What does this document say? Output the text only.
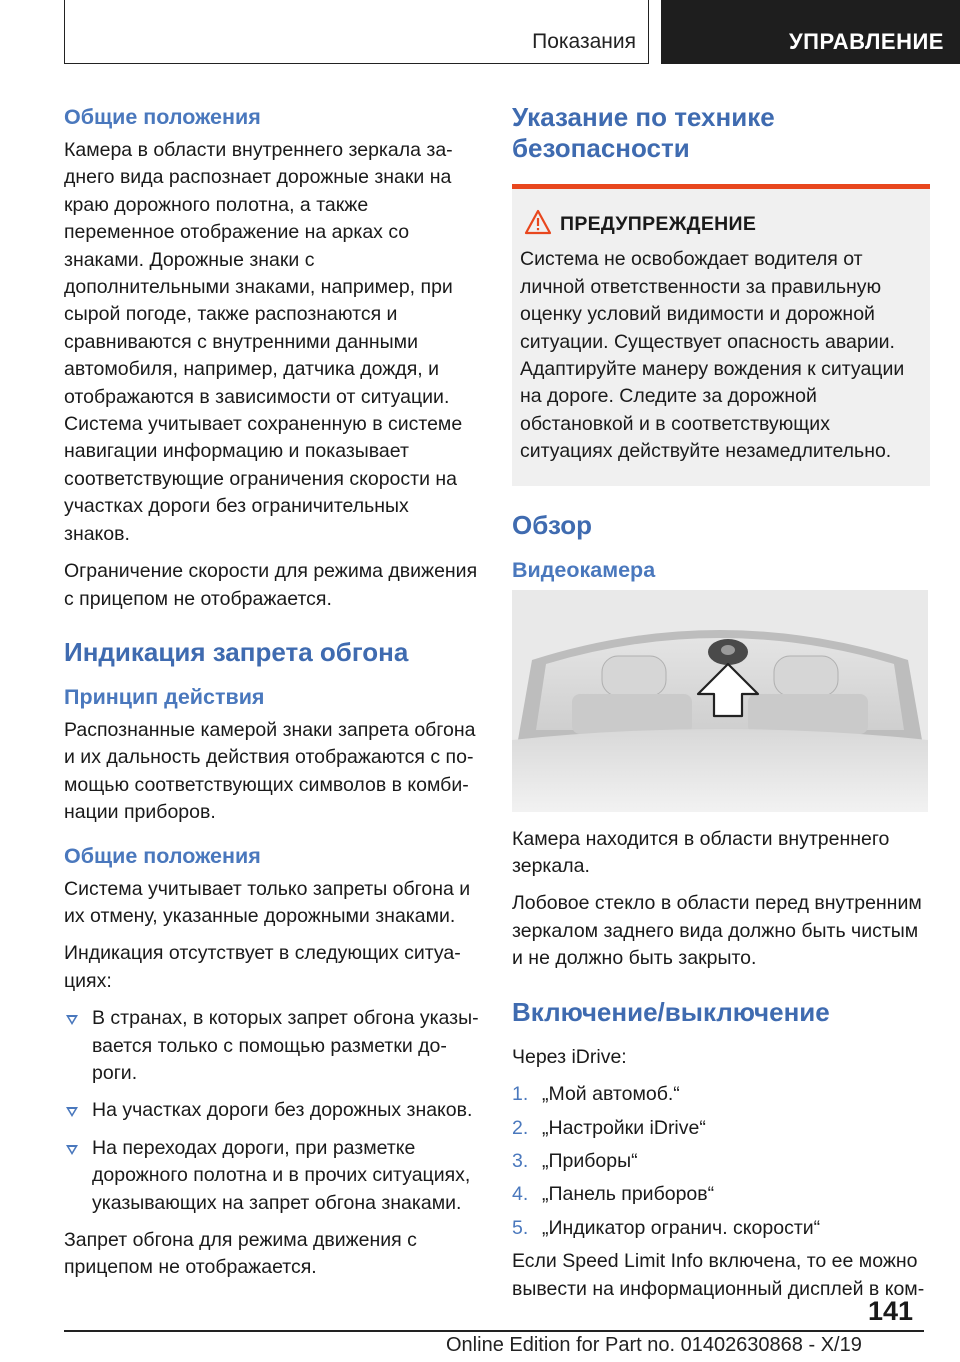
Показания	УПРАВЛЕНИЕ
Общие положения

Камера в области внутреннего зеркала заднего вида распознает дорожные знаки на краю дорожного полотна, а также переменное отображение на арках со знаками. Дорожные знаки с дополнительными знаками, например, при сырой погоде, также распознаются и сравниваются с внутренними данными автомобиля, например, датчика дождя, и отображаются в зависимости от ситуации. Система учитывает сохраненную в системе навигации информацию и показывает соответствующие ограничения скорости на участках дороги без ограничительных знаков.

Ограничение скорости для режима движения с прицепом не отображается.

Индикация запрета обгона
Принцип действия

Распознанные камерой знаки запрета обгона и их дальность действия отображаются с помощью соответствующих символов в комбинации приборов.

Общие положения

Система учитывает только запреты обгона и их отмену, указанные дорожными знаками.

Индикация отсутствует в следующих ситуациях:

В странах, в которых запрет обгона указывается только с помощью разметки дороги.
На участках дороги без дорожных знаков.
На переходах дороги, при разметке дорожного полотна и в прочих ситуациях, указывающих на запрет обгона знаками.

Запрет обгона для режима движения с прицепом не отображается.

Указание по технике безопасности
ПРЕДУПРЕЖДЕНИЕ

Система не освобождает водителя от личной ответственности за правильную оценку условий видимости и дорожной ситуации. Существует опасность аварии. Адаптируйте манеру вождения к ситуации на дороге. Следите за дорожной обстановкой и в соответствующих ситуациях действуйте незамедлительно.

Обзор
Видеокамера

Камера находится в области внутреннего зеркала.

Лобовое стекло в области перед внутренним зеркалом заднего вида должно быть чистым и не должно быть закрыто.

Включение/выключение

Через iDrive:

1. „Мой автомоб.“
2. „Настройки iDrive“
3. „Приборы“
4. „Панель приборов“
5. „Индикатор огранич. скорости“

Если Speed Limit Info включена, то ее можно вывести на информационный дисплей в ком-

141
Online Edition for Part no. 01402630868 - X/19
